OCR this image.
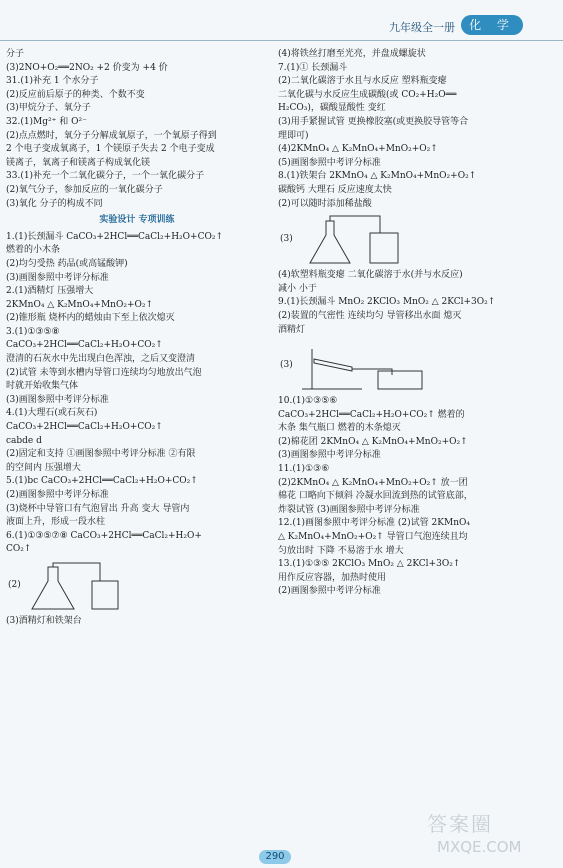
九年级全一册	化 学
分子
(3)2NO+O₂══2NO₂ +2 价变为 +4 价
31.(1)补充 1 个水分子
(2)反应前后原子的种类、个数不变
(3)甲烷分子、氧分子
32.(1)Mg²⁺ 和 O²⁻
(2)点点燃时，氧分子分解成氧原子，一个氧原子得到
2 个电子变成氧离子，1 个镁原子失去 2 个电子变成
镁离子，氧离子和镁离子构成氧化镁
33.(1)补充一个二氧化碳分子，一个一氧化碳分子
(2)氧气分子，参加反应的一氧化碳分子
(3)氧化 分子的构成不同
实验设计 专项训练
1.(1)长颈漏斗 CaCO₃+2HCl══CaCl₂+H₂O+CO₂↑
燃着的小木条
(2)均匀受热 药品(或高锰酸钾)
(3)画图参照中考评分标准
2.(1)酒精灯 压强增大
2KMnO₄ △ K₂MnO₄+MnO₂+O₂↑
(2)锥形瓶 烧杯内的蜡烛由下至上依次熄灭
3.(1)①③⑤⑧
CaCO₃+2HCl══CaCl₂+H₂O+CO₂↑
澄清的石灰水中先出现白色浑浊，之后又变澄清
(2)试管 未等到水槽内导管口连续均匀地放出气泡
时就开始收集气体
(3)画图参照中考评分标准
4.(1)大理石(或石灰石)
CaCO₃+2HCl══CaCl₂+H₂O+CO₂↑
cabde d
(2)固定和支持 ①画图参照中考评分标准 ②有限
的空间内 压强增大
5.(1)bc CaCO₃+2HCl══CaCl₂+H₂O+CO₂↑
(2)画图参照中考评分标准
(3)烧杯中导管口有气泡冒出 升高 变大 导管内
液面上升，形成一段水柱
6.(1)①③⑤⑦⑧ CaCO₃+2HCl══CaCl₂+H₂O+
CO₂↑
(2)
(3)酒精灯和铁架台
(4)将铁丝打磨至光亮，并盘成螺旋状
7.(1)① 长颈漏斗
(2)二氧化碳溶于水且与水反应 塑料瓶变瘪
二氧化碳与水反应生成碳酸(或 CO₂+H₂O══
H₂CO₃)，碳酸显酸性 变红
(3)用手紧握试管 更换橡胶塞(或更换胶导管等合
理即可)
(4)2KMnO₄ △ K₂MnO₄+MnO₂+O₂↑
(5)画图参照中考评分标准
8.(1)铁架台 2KMnO₄ △ K₂MnO₄+MnO₂+O₂↑
碳酸钙 大理石 反应速度太快
(2)可以随时添加稀盐酸
(3)
(4)软塑料瓶变瘪 二氧化碳溶于水(并与水反应)
减小 小于
9.(1)长颈漏斗 MnO₂ 2KClO₃ MnO₂ △ 2KCl+3O₂↑
(2)装置的气密性 连续均匀 导管移出水面 熄灭
酒精灯
(3)
10.(1)①③⑤⑥
CaCO₃+2HCl══CaCl₂+H₂O+CO₂↑ 燃着的
木条 集气瓶口 燃着的木条熄灭
(2)棉花团 2KMnO₄ △ K₂MnO₄+MnO₂+O₂↑
(3)画图参照中考评分标准
11.(1)①③⑥
(2)2KMnO₄ △ K₂MnO₄+MnO₂+O₂↑ 放一团
棉花 口略向下倾斜 冷凝水回流到热的试管底部，
炸裂试管 (3)画图参照中考评分标准
12.(1)画图参照中考评分标准 (2)试管 2KMnO₄
△ K₂MnO₄+MnO₂+O₂↑ 导管口气泡连续且均
匀放出时 下降 不易溶于水 增大
13.(1)①③⑤ 2KClO₃ MnO₂ △ 2KCl+3O₂↑
用作反应容器，加热时使用
(2)画图参照中考评分标准
290
答案圈
MXQE.COM
